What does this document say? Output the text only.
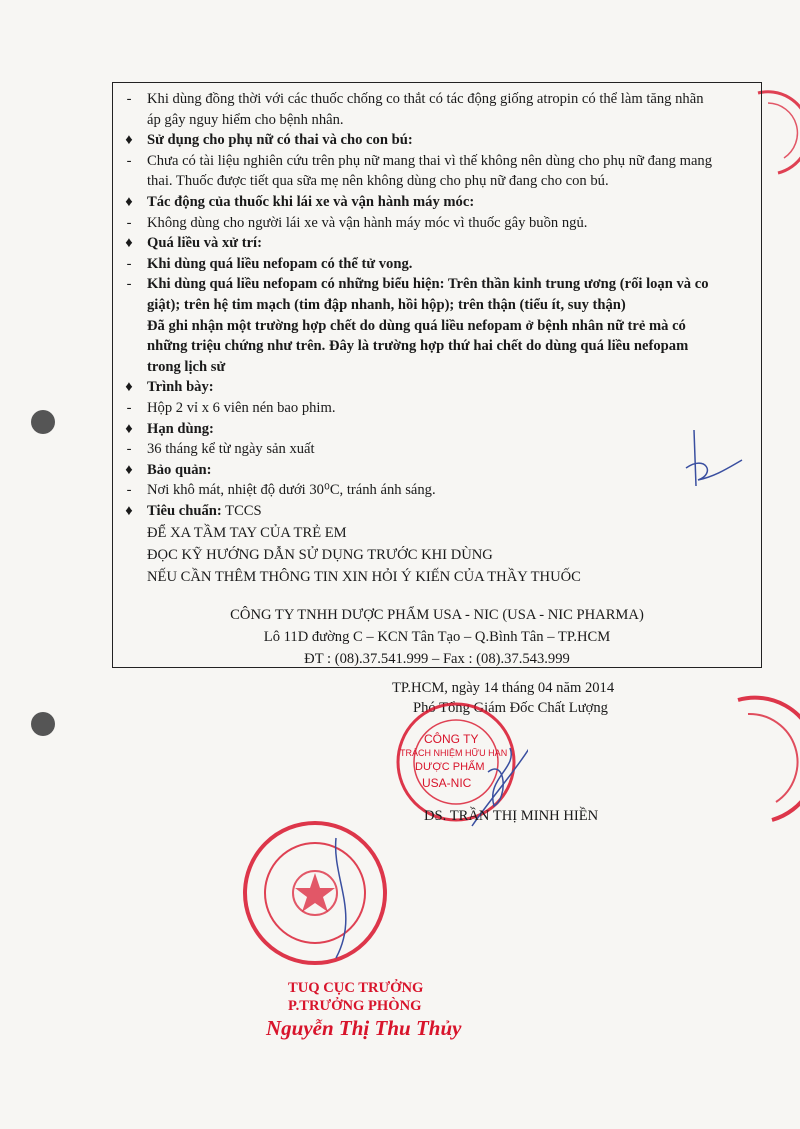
- Khi dùng đồng thời với các thuốc chống co thắt có tác động giống atropin có thể làm tăng nhãn
áp gây nguy hiểm cho bệnh nhân.
♦ Sử dụng cho phụ nữ có thai và cho con bú:
- Chưa có tài liệu nghiên cứu trên phụ nữ mang thai vì thế không nên dùng cho phụ nữ đang mang
thai. Thuốc được tiết qua sữa mẹ nên không dùng cho phụ nữ đang cho con bú.
♦ Tác động của thuốc khi lái xe và vận hành máy móc:
- Không dùng cho người lái xe và vận hành máy móc vì thuốc gây buồn ngủ.
♦ Quá liều và xử trí:
- Khi dùng quá liều nefopam có thể tử vong.
- Khi dùng quá liều nefopam có những biểu hiện: Trên thần kinh trung ương (rối loạn và co
giật); trên hệ tim mạch (tim đập nhanh, hồi hộp); trên thận (tiểu ít, suy thận)
Đã ghi nhận một trường hợp chết do dùng quá liều nefopam ở bệnh nhân nữ trẻ mà có
những triệu chứng như trên. Đây là trường hợp thứ hai chết do dùng quá liều nefopam
trong lịch sử
♦ Trình bày:
- Hộp 2 vỉ x 6 viên nén bao phim.
♦ Hạn dùng:
- 36 tháng kể từ ngày sản xuất
♦ Bảo quản:
- Nơi khô mát, nhiệt độ dưới 30⁰C, tránh ánh sáng.
♦ Tiêu chuẩn: TCCS
ĐỂ XA TẦM TAY CỦA TRẺ EM
ĐỌC KỸ HƯỚNG DẪN SỬ DỤNG TRƯỚC KHI DÙNG
NẾU CẦN THÊM THÔNG TIN XIN HỎI Ý KIẾN CỦA THẦY THUỐC
CÔNG TY TNHH DƯỢC PHẨM USA - NIC (USA - NIC PHARMA)
Lô 11D đường C – KCN Tân Tạo – Q.Bình Tân – TP.HCM
ĐT : (08).37.541.999 – Fax : (08).37.543.999
TP.HCM, ngày 14 tháng 04 năm 2014
Phó Tổng Giám Đốc Chất Lượng
CÔNG TY
TRÁCH NHIỆM HỮU HẠN
DƯỢC PHẨM
USA-NIC
DS. TRẦN THỊ MINH HIỀN
TUQ CỤC TRƯỞNG
P.TRƯỞNG PHÒNG
Nguyễn Thị Thu Thủy
